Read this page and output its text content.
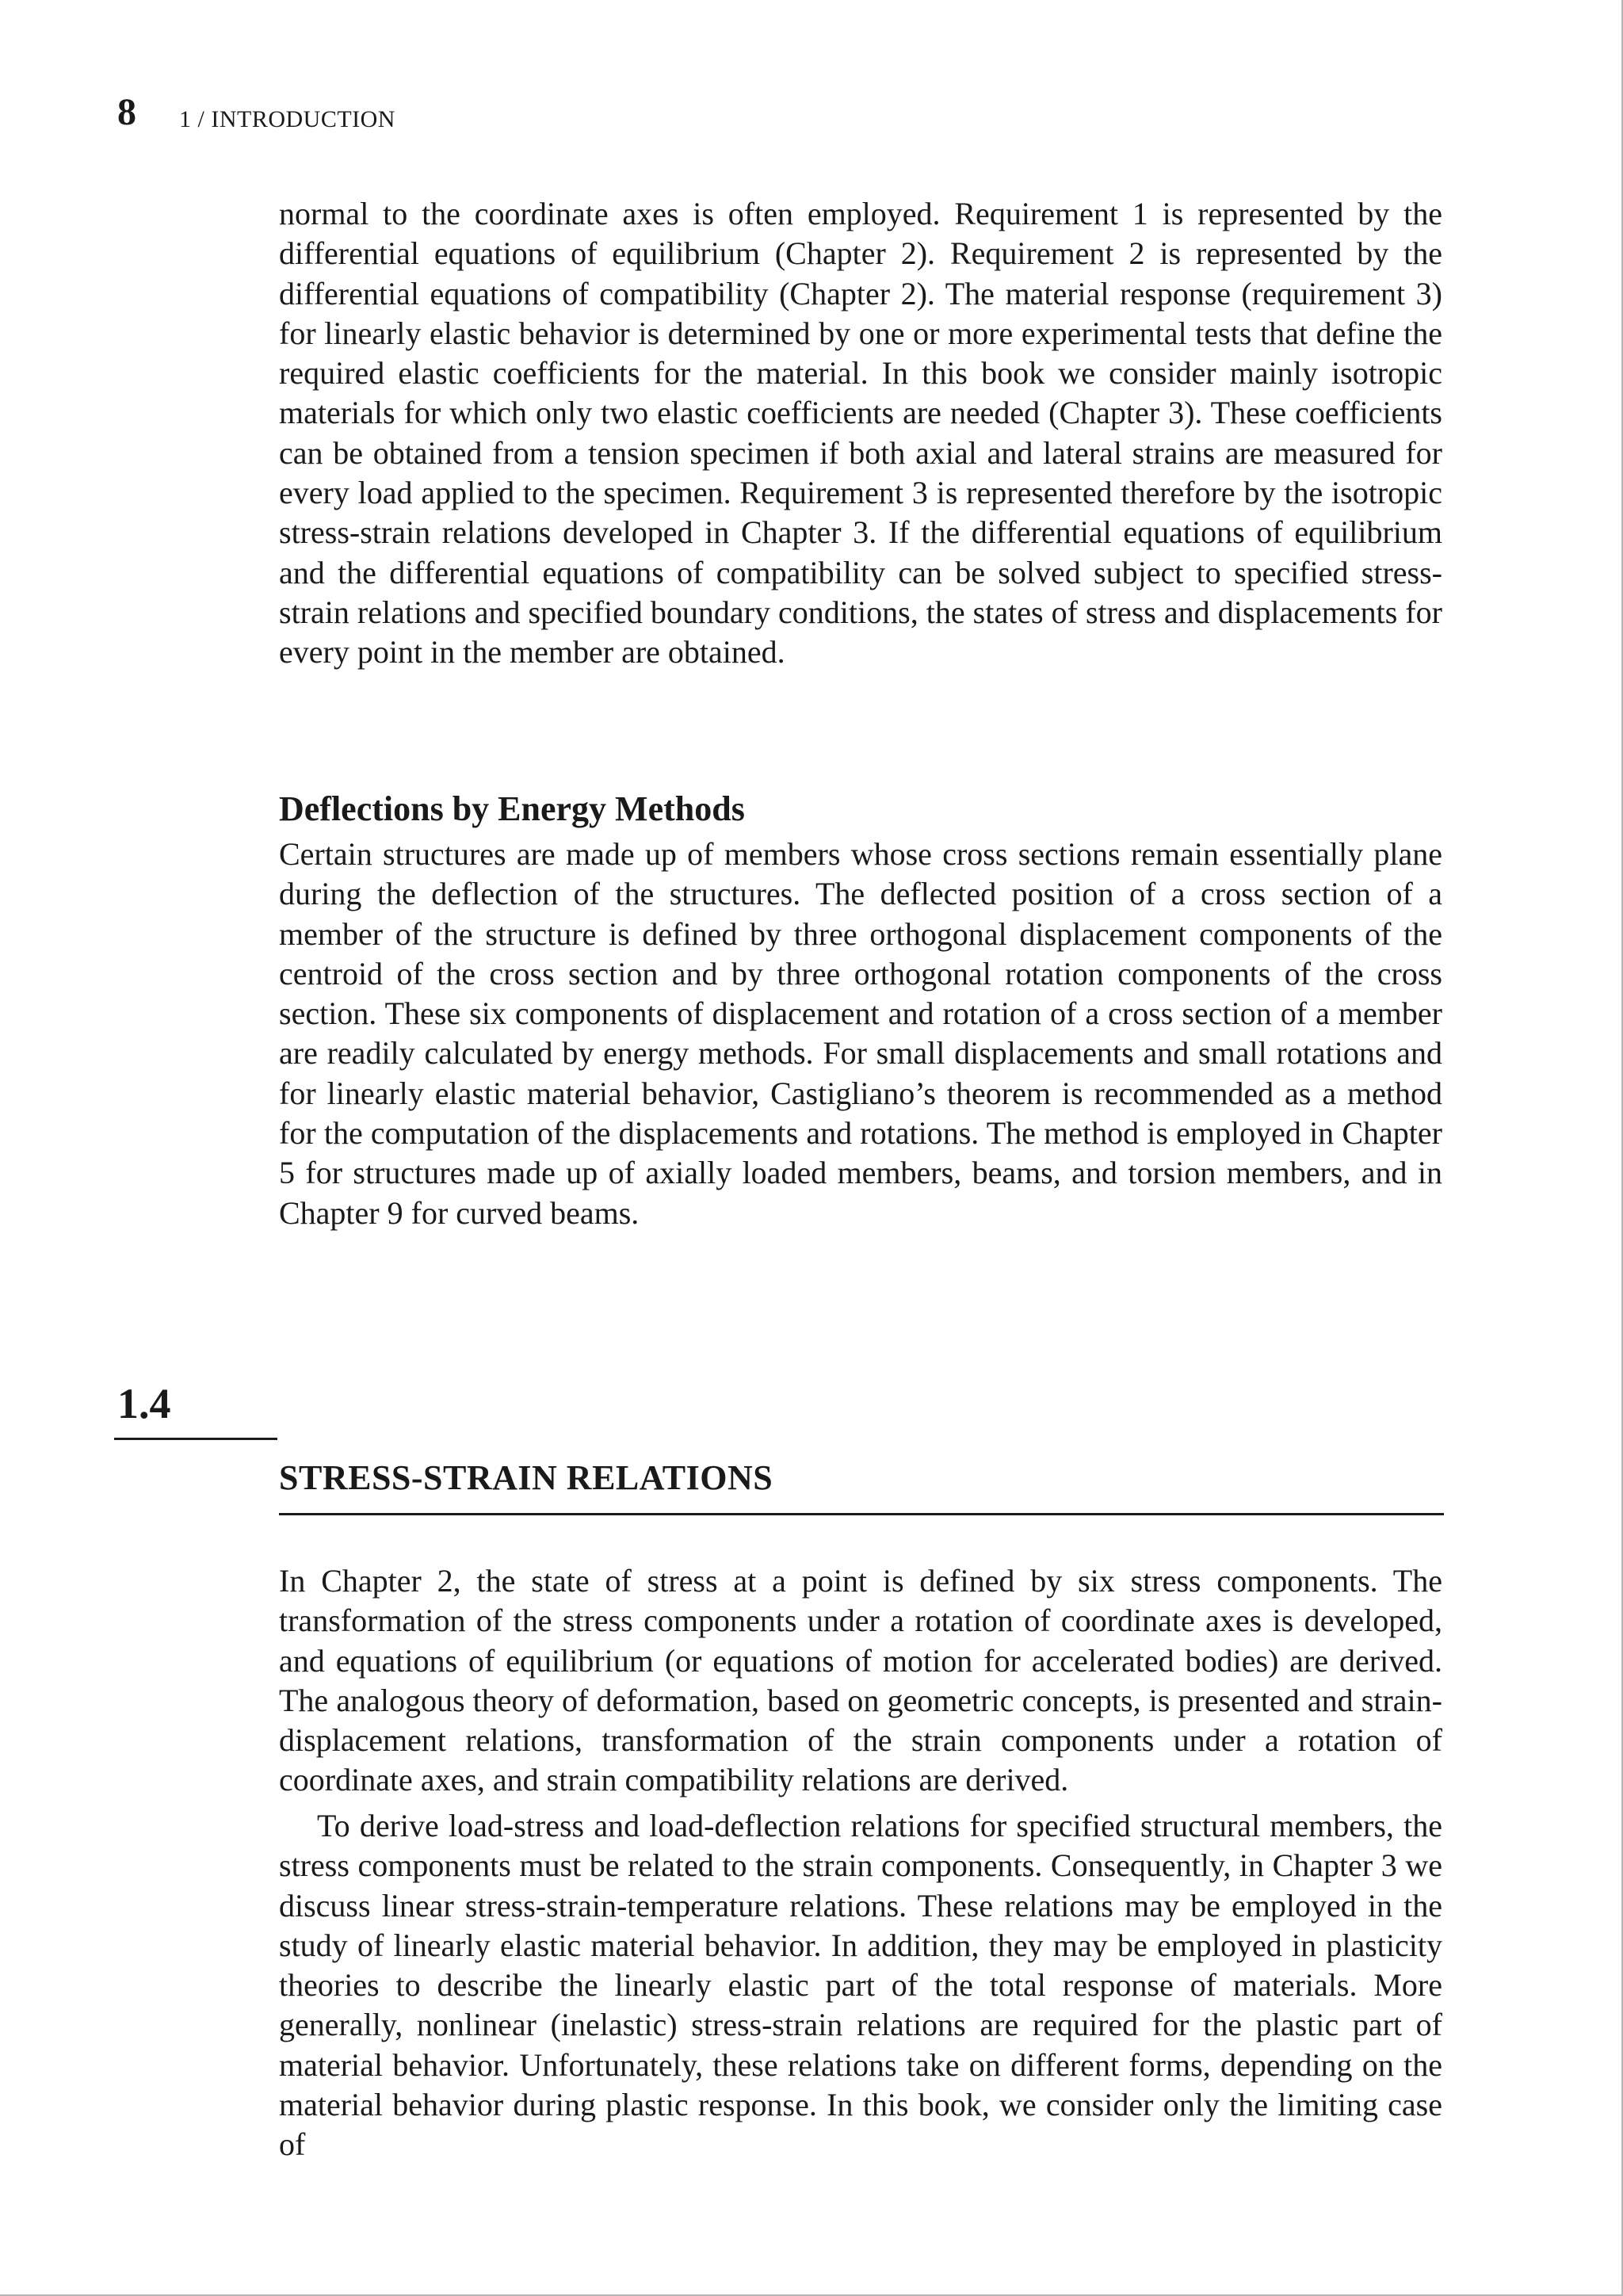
8 1 / INTRODUCTION

normal to the coordinate axes is often employed. Requirement 1 is represented by the differential equations of equilibrium (Chapter 2). Requirement 2 is represented by the differential equations of compatibility (Chapter 2). The material response (requirement 3) for linearly elastic behavior is determined by one or more experimental tests that define the required elastic coefficients for the material. In this book we consider mainly isotropic materials for which only two elastic coefficients are needed (Chapter 3). These coefficients can be obtained from a tension specimen if both axial and lateral strains are measured for every load applied to the specimen. Requirement 3 is represented therefore by the isotropic stress-strain relations developed in Chapter 3. If the differential equations of equilibrium and the differential equations of compatibility can be solved subject to specified stress-strain relations and specified boundary conditions, the states of stress and displacements for every point in the member are obtained.

Deflections by Energy Methods

Certain structures are made up of members whose cross sections remain essentially plane during the deflection of the structures. The deflected position of a cross section of a member of the structure is defined by three orthogonal displacement components of the centroid of the cross section and by three orthogonal rotation components of the cross section. These six components of displacement and rotation of a cross section of a member are readily calculated by energy methods. For small displacements and small rotations and for linearly elastic material behavior, Castigliano’s theorem is recommended as a method for the computation of the displacements and rotations. The method is employed in Chapter 5 for structures made up of axially loaded members, beams, and torsion members, and in Chapter 9 for curved beams.

1.4
STRESS-STRAIN RELATIONS

In Chapter 2, the state of stress at a point is defined by six stress components. The transformation of the stress components under a rotation of coordinate axes is developed, and equations of equilibrium (or equations of motion for accelerated bodies) are derived. The analogous theory of deformation, based on geometric concepts, is presented and strain-displacement relations, transformation of the strain components under a rotation of coordinate axes, and strain compatibility relations are derived.

To derive load-stress and load-deflection relations for specified structural members, the stress components must be related to the strain components. Consequently, in Chapter 3 we discuss linear stress-strain-temperature relations. These relations may be employed in the study of linearly elastic material behavior. In addition, they may be employed in plasticity theories to describe the linearly elastic part of the total response of materials. More generally, nonlinear (inelastic) stress-strain relations are required for the plastic part of material behavior. Unfortunately, these relations take on different forms, depending on the material behavior during plastic response. In this book, we consider only the limiting case of
